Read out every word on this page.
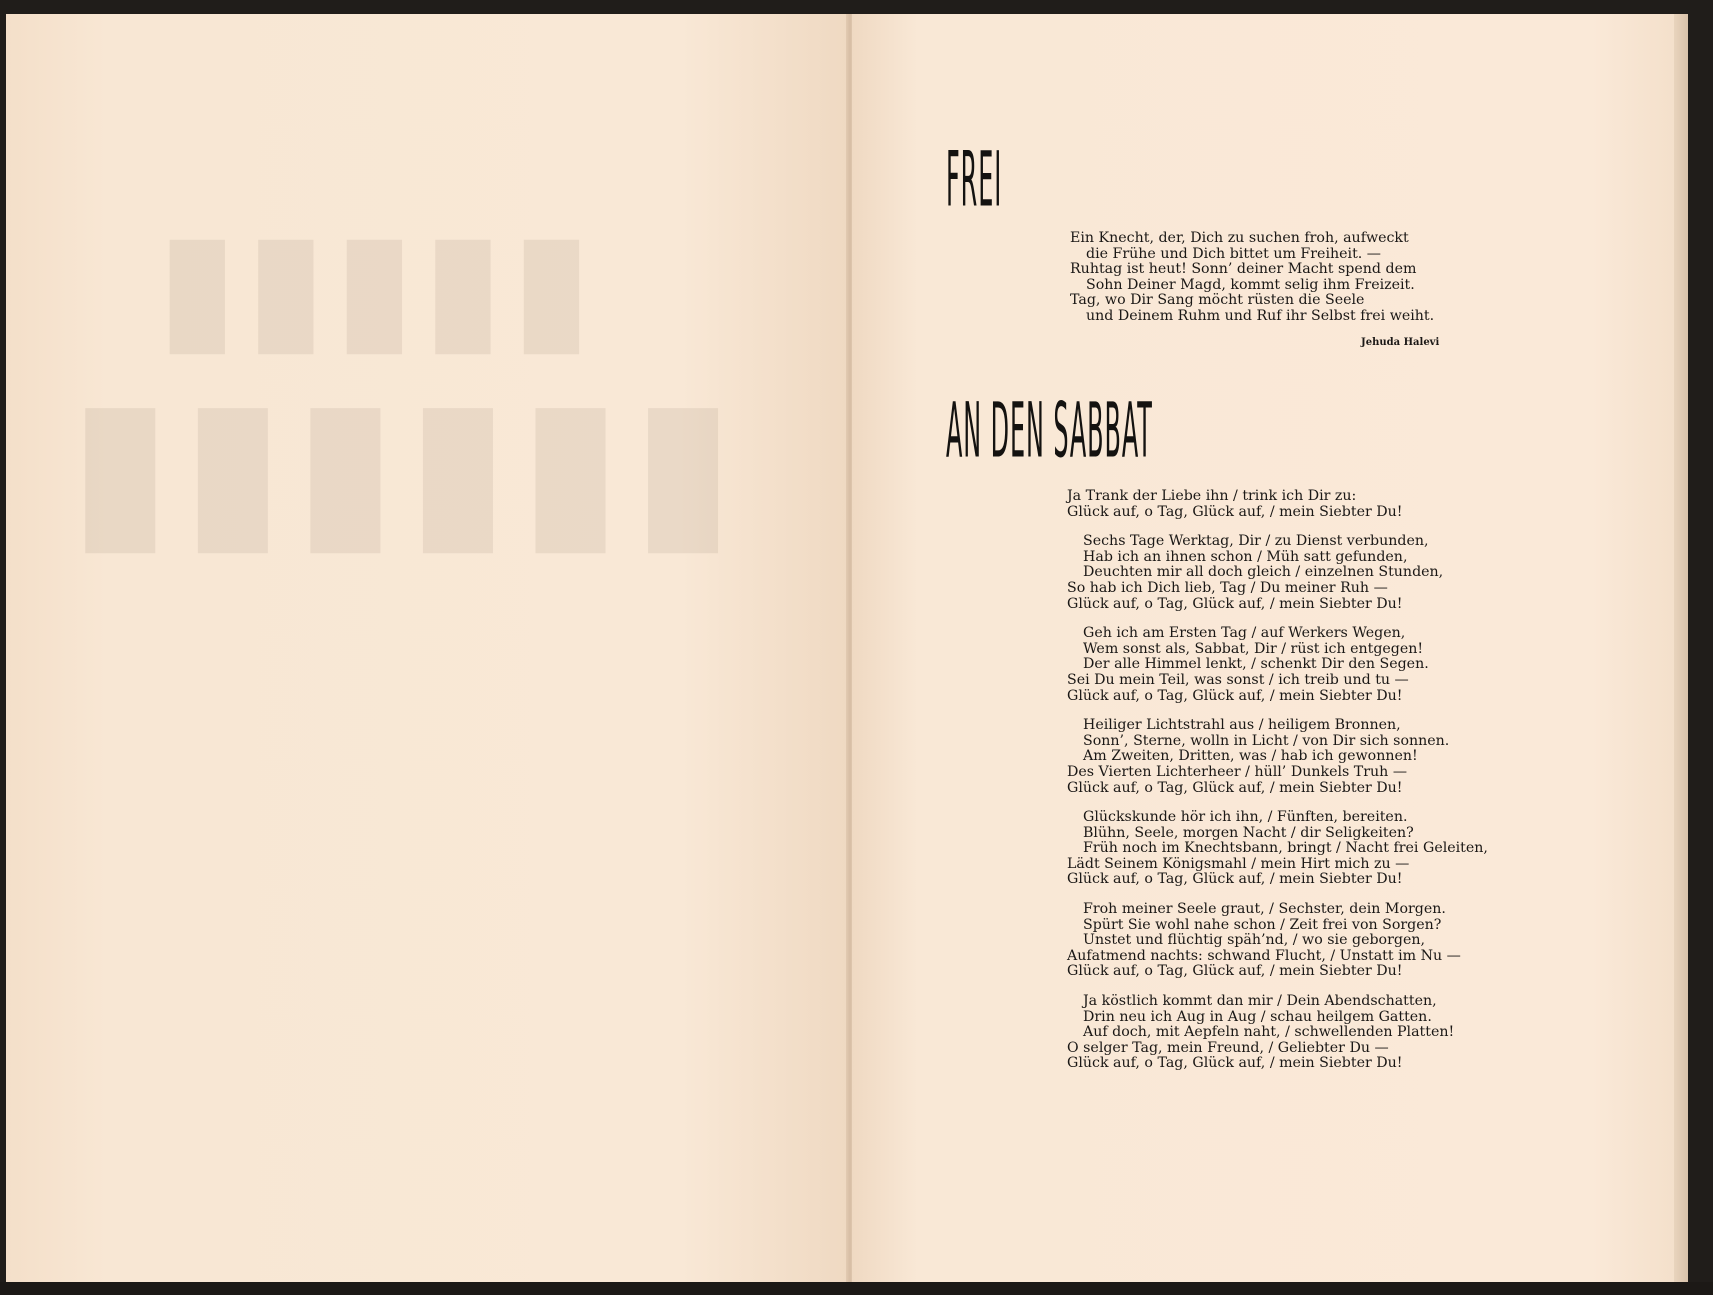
▮▮▮▮▮
▮▮▮▮▮▮
FREI
Ein Knecht, der, Dich zu suchen froh, aufweckt
die Frühe und Dich bittet um Freiheit. —
Ruhtag ist heut! Sonn’ deiner Macht spend dem
Sohn Deiner Magd, kommt selig ihm Freizeit.
Tag, wo Dir Sang möcht rüsten die Seele
und Deinem Ruhm und Ruf ihr Selbst frei weiht.
Jehuda Halevi
AN DEN SABBAT
Ja Trank der Liebe ihn / trink ich Dir zu:
Glück auf, o Tag, Glück auf, / mein Siebter Du!
Sechs Tage Werktag, Dir / zu Dienst verbunden,
Hab ich an ihnen schon / Müh satt gefunden,
Deuchten mir all doch gleich / einzelnen Stunden,
So hab ich Dich lieb, Tag / Du meiner Ruh —
Glück auf, o Tag, Glück auf, / mein Siebter Du!
Geh ich am Ersten Tag / auf Werkers Wegen,
Wem sonst als, Sabbat, Dir / rüst ich entgegen!
Der alle Himmel lenkt, / schenkt Dir den Segen.
Sei Du mein Teil, was sonst / ich treib und tu —
Glück auf, o Tag, Glück auf, / mein Siebter Du!
Heiliger Lichtstrahl aus / heiligem Bronnen,
Sonn’, Sterne, wolln in Licht / von Dir sich sonnen.
Am Zweiten, Dritten, was / hab ich gewonnen!
Des Vierten Lichterheer / hüll’ Dunkels Truh —
Glück auf, o Tag, Glück auf, / mein Siebter Du!
Glückskunde hör ich ihn, / Fünften, bereiten.
Blühn, Seele, morgen Nacht / dir Seligkeiten?
Früh noch im Knechtsbann, bringt / Nacht frei Geleiten,
Lädt Seinem Königsmahl / mein Hirt mich zu —
Glück auf, o Tag, Glück auf, / mein Siebter Du!
Froh meiner Seele graut, / Sechster, dein Morgen.
Spürt Sie wohl nahe schon / Zeit frei von Sorgen?
Unstet und flüchtig späh’nd, / wo sie geborgen,
Aufatmend nachts: schwand Flucht, / Unstatt im Nu —
Glück auf, o Tag, Glück auf, / mein Siebter Du!
Ja köstlich kommt dan mir / Dein Abendschatten,
Drin neu ich Aug in Aug / schau heilgem Gatten.
Auf doch, mit Aepfeln naht, / schwellenden Platten!
O selger Tag, mein Freund, / Geliebter Du —
Glück auf, o Tag, Glück auf, / mein Siebter Du!
